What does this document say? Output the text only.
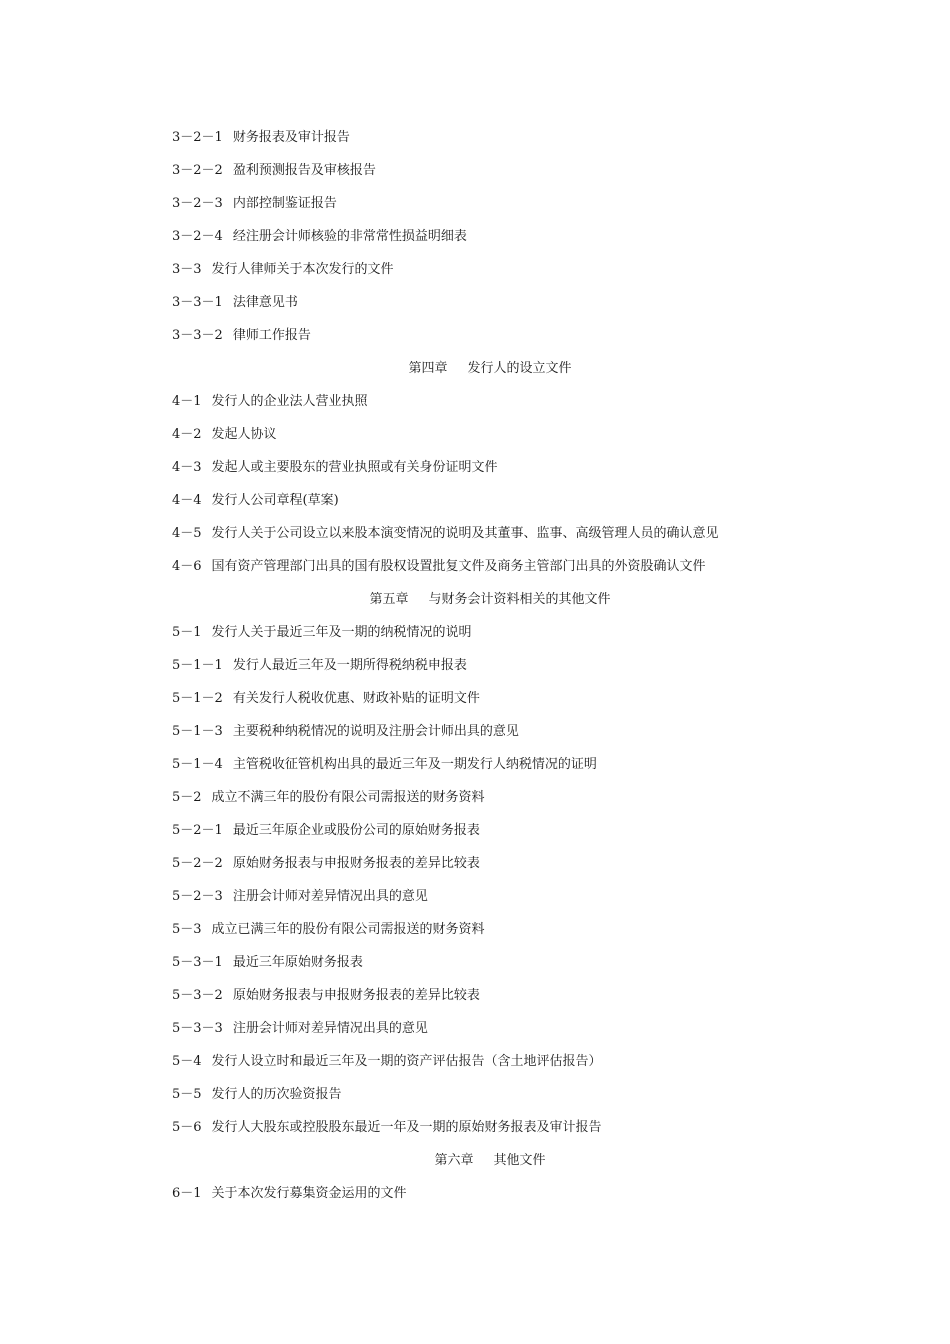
3－2－1 财务报表及审计报告
3－2－2 盈利预测报告及审核报告
3－2－3 内部控制鉴证报告
3－2－4 经注册会计师核验的非常常性损益明细表
3－3 发行人律师关于本次发行的文件
3－3－1 法律意见书
3－3－2 律师工作报告
第四章 发行人的设立文件
4－1 发行人的企业法人营业执照
4－2 发起人协议
4－3 发起人或主要股东的营业执照或有关身份证明文件
4－4 发行人公司章程(草案)
4－5 发行人关于公司设立以来股本演变情况的说明及其董事、监事、高级管理人员的确认意见
4－6 国有资产管理部门出具的国有股权设置批复文件及商务主管部门出具的外资股确认文件
第五章 与财务会计资料相关的其他文件
5－1 发行人关于最近三年及一期的纳税情况的说明
5－1－1 发行人最近三年及一期所得税纳税申报表
5－1－2 有关发行人税收优惠、财政补贴的证明文件
5－1－3 主要税种纳税情况的说明及注册会计师出具的意见
5－1－4 主管税收征管机构出具的最近三年及一期发行人纳税情况的证明
5－2 成立不满三年的股份有限公司需报送的财务资料
5－2－1 最近三年原企业或股份公司的原始财务报表
5－2－2 原始财务报表与申报财务报表的差异比较表
5－2－3 注册会计师对差异情况出具的意见
5－3 成立已满三年的股份有限公司需报送的财务资料
5－3－1 最近三年原始财务报表
5－3－2 原始财务报表与申报财务报表的差异比较表
5－3－3 注册会计师对差异情况出具的意见
5－4 发行人设立时和最近三年及一期的资产评估报告（含土地评估报告）
5－5 发行人的历次验资报告
5－6 发行人大股东或控股股东最近一年及一期的原始财务报表及审计报告
第六章 其他文件
6－1 关于本次发行募集资金运用的文件
